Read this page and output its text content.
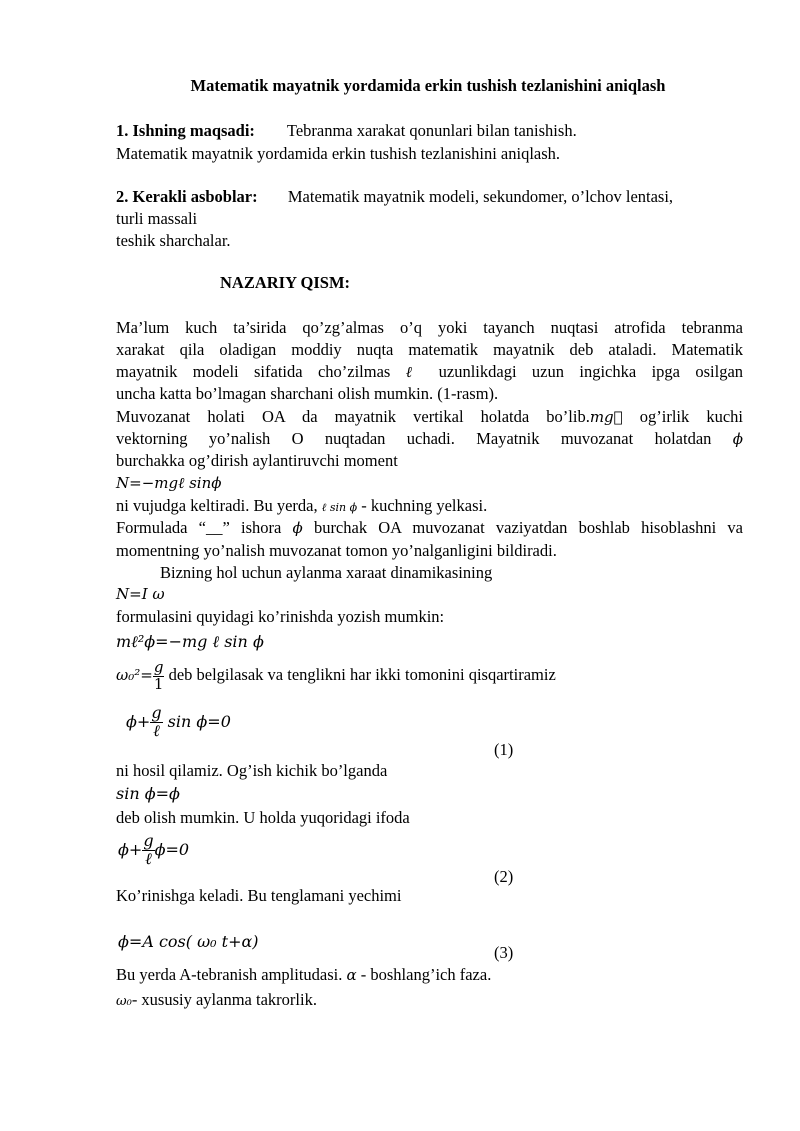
Matematik mayatnik yordamida erkin tushish tezlanishini aniqlash
1. Ishning maqsadi: Tebranma xarakat qonunlari bilan tanishish.
Matematik mayatnik yordamida erkin tushish tezlanishini aniqlash.
2. Kerakli asboblar: Matematik mayatnik modeli, sekundomer, o’lchov lentasi,
turli massali
teshik sharchalar.
NAZARIY QISM:
Ma’lum kuch ta’sirida qo’zg’almas o’q yoki tayanch nuqtasi atrofida tebranma
xarakat qila oladigan moddiy nuqta matematik mayatnik deb ataladi. Matematik
mayatnik modeli sifatida cho’zilmas ℓ uzunlikdagi uzun ingichka ipga osilgan
uncha katta bo’lmagan sharchani olish mumkin. (1-rasm).
Muvozanat holati OA da mayatnik vertikal holatda bo’lib.mg⃗ og’irlik kuchi
vektorning yo’nalish O nuqtadan uchadi. Mayatnik muvozanat holatdan ϕ
burchakka og’dirish aylantiruvchi moment
N=−mgℓ sinϕ
ni vujudga keltiradi. Bu yerda, ℓ sin ϕ - kuchning yelkasi.
Formulada “__” ishora ϕ burchak OA muvozanat vaziyatdan boshlab hisoblashni va
momentning yo’nalish muvozanat tomon yo’nalganligini bildiradi.
Bizning hol uchun aylanma xaraat dinamikasining
N=I ω
formulasini quyidagi ko’rinishda yozish mumkin:
mℓ²ϕ=−mg ℓ sin ϕ
$\omega_0^2= \frac{g}{1}$ deb belgilasak va tenglikni har ikki tomonini qisqartiramiz
$\phi+ \frac{g}{\text{ℓ}}$ sin ϕ=0
(1)
ni hosil qilamiz. Og’ish kichik bo’lganda
sin ϕ=ϕ
deb olish mumkin. U holda yuqoridagi ifoda
$\phi+ \frac{g}{\text{ℓ}} \phi=0$
(2)
Ko’rinishga keladi. Bu tenglamani yechimi
ϕ=A cos( ω₀ t+α)
(3)
Bu yerda A-tebranish amplitudasi. α - boshlang’ich faza.
ω₀- xususiy aylanma takrorlik.
